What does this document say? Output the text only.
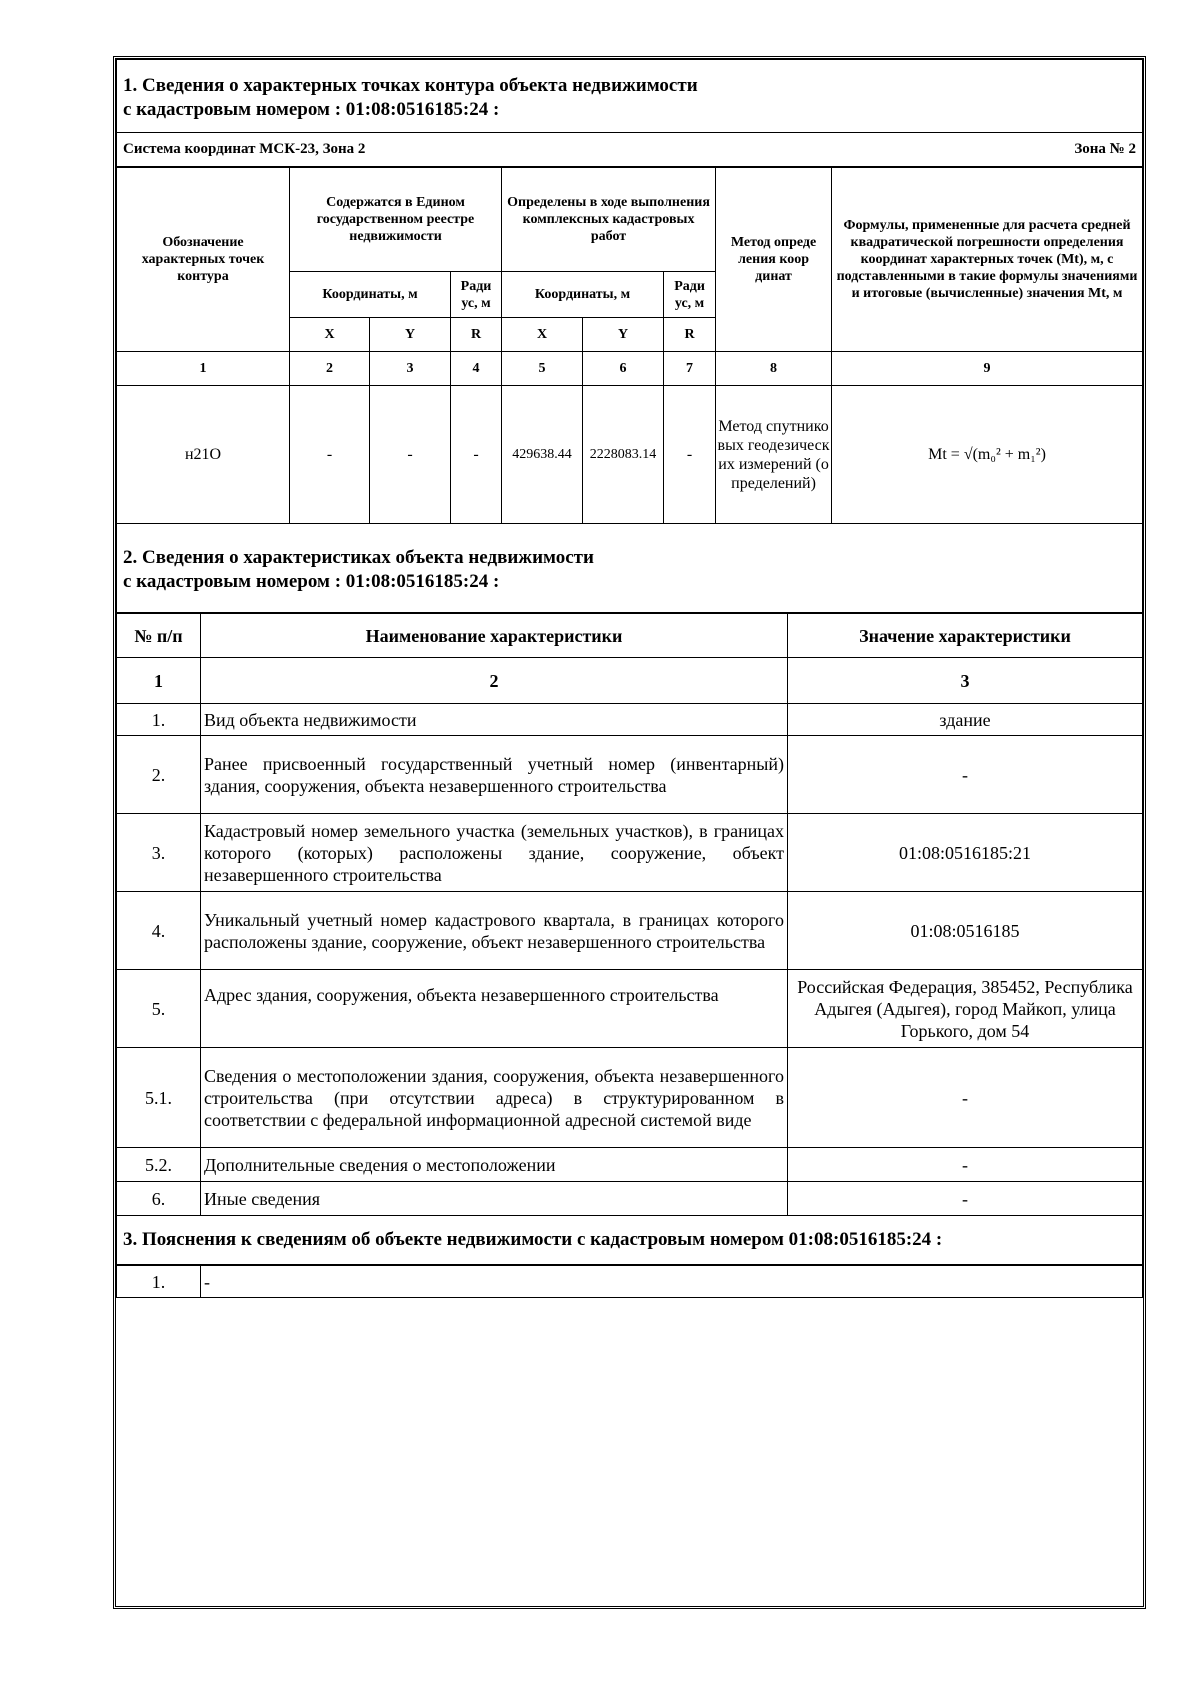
1. Сведения о характерных точках контура объекта недвижимости
с кадастровым номером : 01:08:0516185:24 :

Система координат МСК-23, Зона 2	Зона № 2
Обозначение характерных точек контура	Содержатся в Едином государственном реестре недвижимости			Определены в ходе выполнения комплексных кадастровых работ			Метод опреде ления коор динат	Формулы, примененные для расчета средней квадратической погрешности определения координат характерных точек (Mt), м, с подставленными в такие формулы значениями и итоговые (вычисленные) значения Mt, м
	Координаты, м		Ради ус, м	Координаты, м		Ради ус, м		
	X	Y	R	X	Y	R		
1	2	3	4	5	6	7	8	9
н21О	-	-	-	429638.44	2228083.14	-	Метод спутниковых геодезических измерений (определений)	Mt = √(m₀² + m₁²)
2. Сведения о характеристиках объекта недвижимости
с кадастровым номером : 01:08:0516185:24 :
№ п/п	Наименование характеристики	Значение характеристики
1	2	3
1.	Вид объекта недвижимости	здание
2.	Ранее присвоенный государственный учетный номер (инвентарный) здания, сооружения, объекта незавершенного строительства	-
3.	Кадастровый номер земельного участка (земельных участков), в границах которого (которых) расположены здание, сооружение, объект незавершенного строительства	01:08:0516185:21
4.	Уникальный учетный номер кадастрового квартала, в границах которого расположены здание, сооружение, объект незавершенного строительства	01:08:0516185
5.	Адрес здания, сооружения, объекта незавершенного строительства	Российская Федерация, 385452, Республика Адыгея (Адыгея), город Майкоп, улица Горького, дом 54
5.1.	Сведения о местоположении здания, сооружения, объекта незавершенного строительства (при отсутствии адреса) в структурированном в соответствии с федеральной информационной адресной системой виде	-
5.2.	Дополнительные сведения о местоположении	-
6.	Иные сведения	-
3. Пояснения к сведениям об объекте недвижимости с кадастровым номером 01:08:0516185:24 :
1.	-
